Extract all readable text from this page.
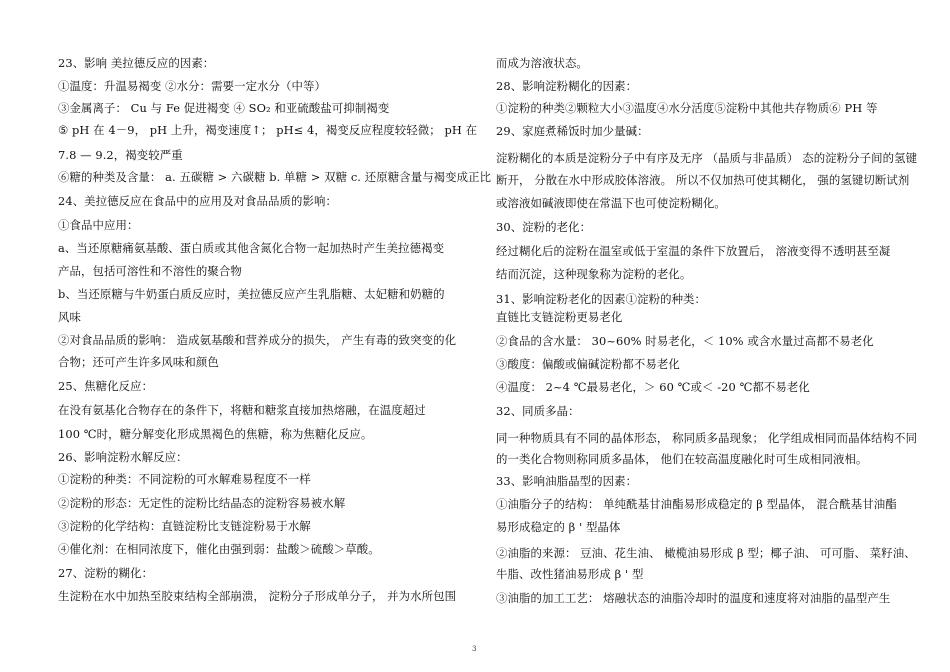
23、影响 美拉德反应的因素：
①温度：升温易褐变 ②水分：需要一定水分（中等）
③金属离子： Cu 与 Fe 促进褐变 ④ SO₂ 和亚硫酸盐可抑制褐变
⑤ pH 在 4－9， pH 上升，褐变速度↑； pH≤ 4，褐变反应程度较轻微； pH 在
7.8 — 9.2，褐变较严重
⑥糖的种类及含量： a. 五碳糖 > 六碳糖 b. 单糖 > 双糖 c. 还原糖含量与褐变成正比
24、美拉德反应在食品中的应用及对食品品质的影响：
①食品中应用：
a、当还原糖痛氨基酸、蛋白质或其他含氮化合物一起加热时产生美拉德褐变
产品，包括可溶性和不溶性的聚合物
b、当还原糖与牛奶蛋白质反应时，美拉德反应产生乳脂糖、太妃糖和奶糖的
风味
②对食品品质的影响： 造成氨基酸和营养成分的损失， 产生有毒的致突变的化
合物；还可产生许多风味和颜色
25、焦糖化反应：
在没有氨基化合物存在的条件下，将糖和糖浆直接加热熔融，在温度超过
100 ℃时，糖分解变化形成黑褐色的焦糖，称为焦糖化反应。
26、影响淀粉水解反应：
①淀粉的种类：不同淀粉的可水解难易程度不一样
②淀粉的形态：无定性的淀粉比结晶态的淀粉容易被水解
③淀粉的化学结构：直链淀粉比支链淀粉易于水解
④催化剂：在相同浓度下，催化由强到弱：盐酸＞硫酸＞草酸。
27、淀粉的糊化：
生淀粉在水中加热至胶束结构全部崩溃， 淀粉分子形成单分子， 并为水所包围
而成为溶液状态。
28、影响淀粉糊化的因素：
①淀粉的种类②颗粒大小③温度④水分活度⑤淀粉中其他共存物质⑥ PH 等
29、家庭煮稀饭时加少量碱：
淀粉糊化的本质是淀粉分子中有序及无序 （晶质与非晶质） 态的淀粉分子间的氢键
断开， 分散在水中形成胶体溶液。 所以不仅加热可使其糊化， 强的氢键切断试剂
或溶液如碱液即使在常温下也可使淀粉糊化。
30、淀粉的老化：
经过糊化后的淀粉在温室或低于室温的条件下放置后， 溶液变得不透明甚至凝
结而沉淀，这种现象称为淀粉的老化。
31、影响淀粉老化的因素①淀粉的种类：
直链比支链淀粉更易老化
②食品的含水量： 30~60% 时易老化，＜ 10% 或含水量过高都不易老化
③酸度：偏酸或偏碱淀粉都不易老化
④温度： 2~4 ℃最易老化，＞ 60 ℃或＜ -20 ℃都不易老化
32、同质多晶：
同一种物质具有不同的晶体形态， 称同质多晶现象； 化学组成相同而晶体结构不同
的一类化合物则称同质多晶体， 他们在较高温度融化时可生成相同液相。
33、影响油脂晶型的因素：
①油脂分子的结构： 单纯酰基甘油酯易形成稳定的 β 型晶体， 混合酰基甘油酯
易形成稳定的 β ' 型晶体
②油脂的来源： 豆油、花生油、 橄榄油易形成 β 型；椰子油、 可可脂、 菜籽油、
牛脂、改性猪油易形成 β ' 型
③油脂的加工工艺： 熔融状态的油脂冷却时的温度和速度将对油脂的晶型产生
3
